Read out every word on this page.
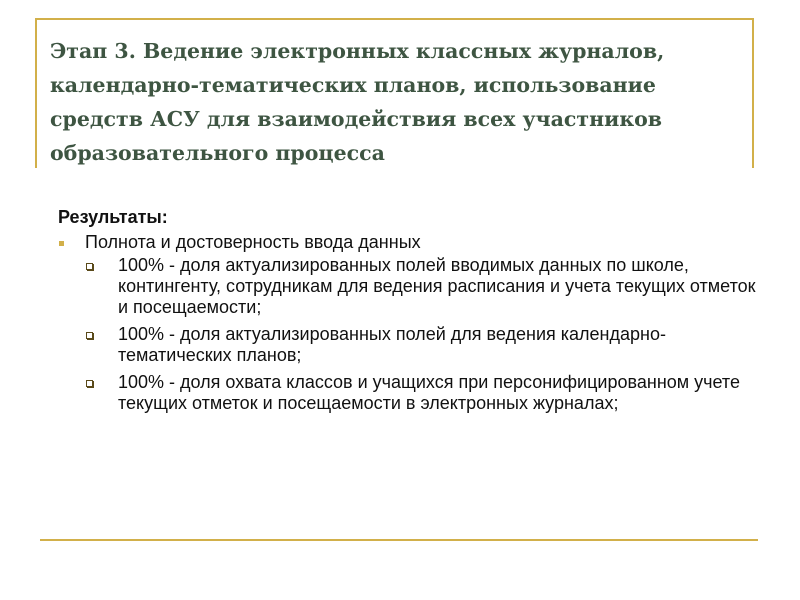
Этап 3. Ведение электронных классных журналов, календарно-тематических планов, использование средств АСУ для взаимодействия всех участников образовательного процесса
Результаты:
Полнота и достоверность ввода данных
100% - доля актуализированных полей вводимых данных по школе, контингенту, сотрудникам для ведения расписания и учета текущих отметок и посещаемости;
100% - доля актуализированных полей для ведения календарно-тематических планов;
100% - доля охвата классов и учащихся при персонифицированном учете текущих отметок и посещаемости в электронных журналах;
